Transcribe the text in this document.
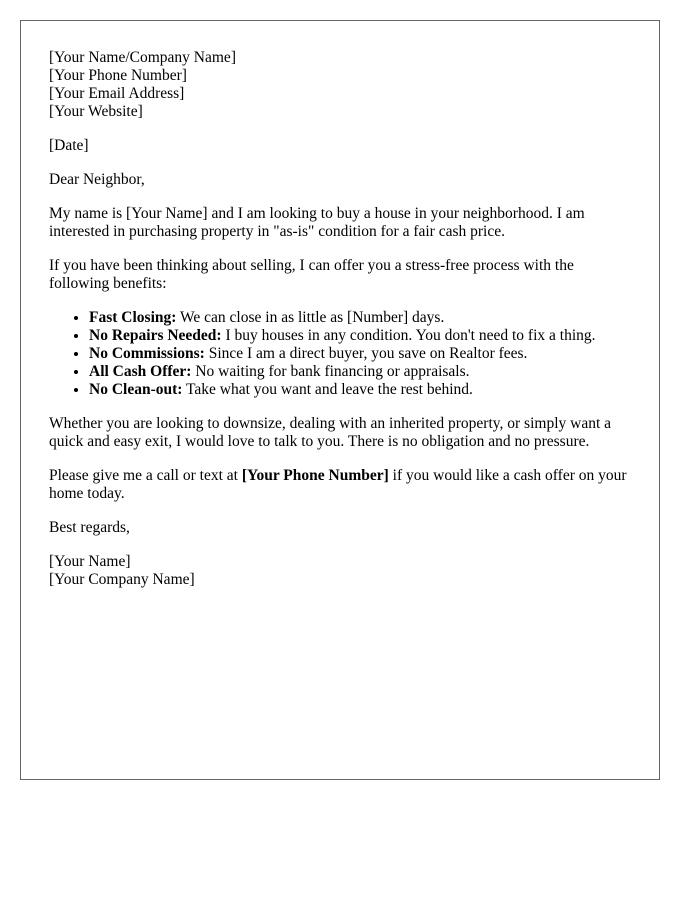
[Your Name/Company Name]
[Your Phone Number]
[Your Email Address]
[Your Website]

[Date]

Dear Neighbor,

My name is [Your Name] and I am looking to buy a house in your neighborhood. I am interested in purchasing property in "as-is" condition for a fair cash price.

If you have been thinking about selling, I can offer you a stress-free process with the following benefits:

• Fast Closing: We can close in as little as [Number] days.
• No Repairs Needed: I buy houses in any condition. You don't need to fix a thing.
• No Commissions: Since I am a direct buyer, you save on Realtor fees.
• All Cash Offer: No waiting for bank financing or appraisals.
• No Clean-out: Take what you want and leave the rest behind.

Whether you are looking to downsize, dealing with an inherited property, or simply want a quick and easy exit, I would love to talk to you. There is no obligation and no pressure.

Please give me a call or text at [Your Phone Number] if you would like a cash offer on your home today.

Best regards,

[Your Name]
[Your Company Name]
